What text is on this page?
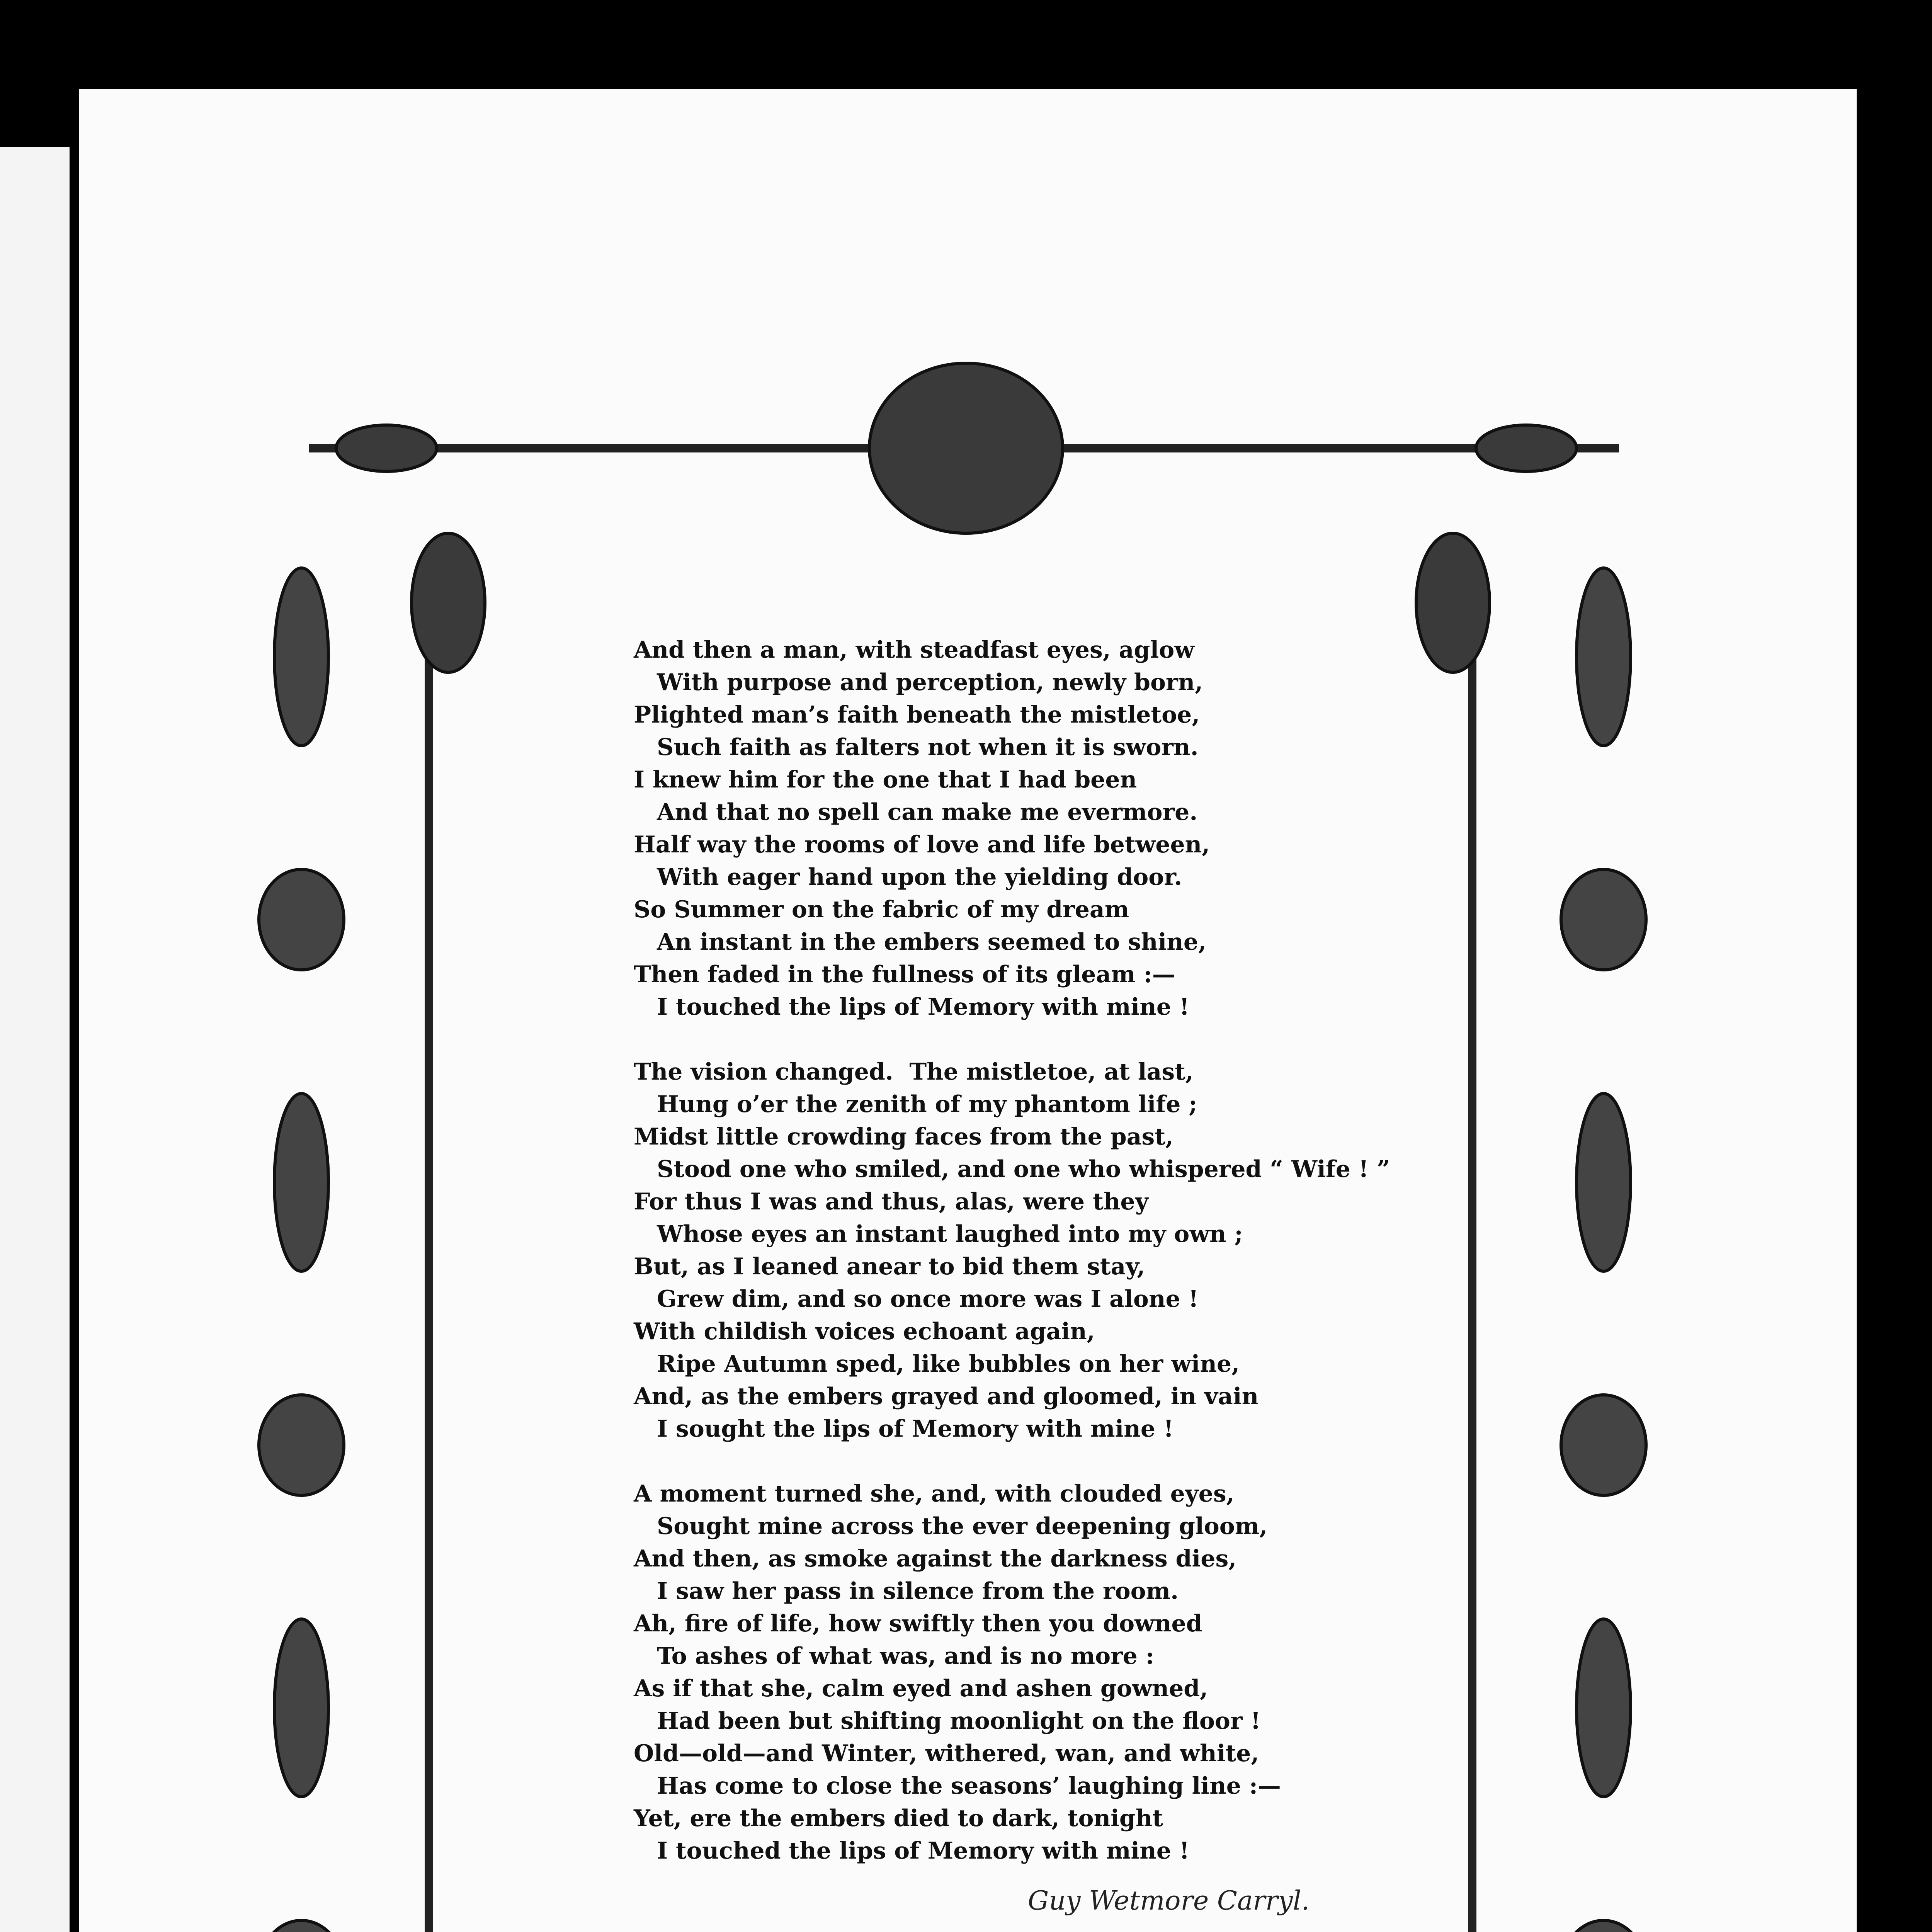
And then a man, with steadfast eyes, aglow
With purpose and perception, newly born,
Plighted man’s faith beneath the mistletoe,
Such faith as falters not when it is sworn.
I knew him for the one that I had been
And that no spell can make me evermore.
Half way the rooms of love and life between,
With eager hand upon the yielding door.
So Summer on the fabric of my dream
An instant in the embers seemed to shine,
Then faded in the fullness of its gleam :—
I touched the lips of Memory with mine !
The vision changed.  The mistletoe, at last,
Hung o’er the zenith of my phantom life ;
Midst little crowding faces from the past,
Stood one who smiled, and one who whispered “ Wife ! ”
For thus I was and thus, alas, were they
Whose eyes an instant laughed into my own ;
But, as I leaned anear to bid them stay,
Grew dim, and so once more was I alone !
With childish voices echoant again,
Ripe Autumn sped, like bubbles on her wine,
And, as the embers grayed and gloomed, in vain
I sought the lips of Memory with mine !
A moment turned she, and, with clouded eyes,
Sought mine across the ever deepening gloom,
And then, as smoke against the darkness dies,
I saw her pass in silence from the room.
Ah, fire of life, how swiftly then you downed
To ashes of what was, and is no more :
As if that she, calm eyed and ashen gowned,
Had been but shifting moonlight on the floor !
Old—old—and Winter, withered, wan, and white,
Has come to close the seasons’ laughing line :—
Yet, ere the embers died to dark, tonight
I touched the lips of Memory with mine !
Guy Wetmore Carryl.
